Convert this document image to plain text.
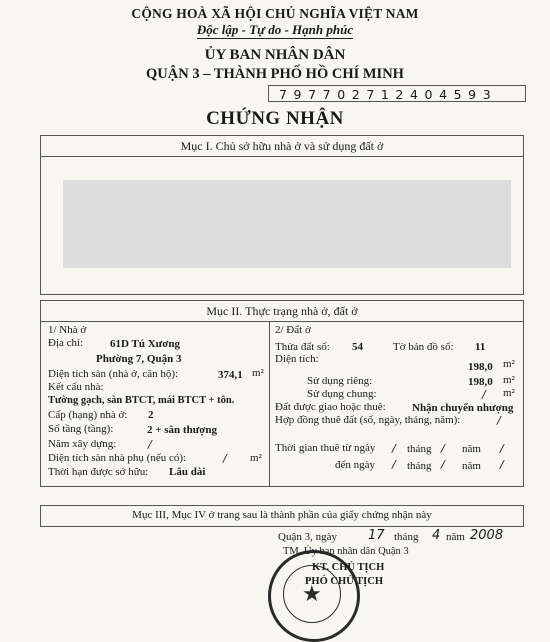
CỘNG HOÀ XÃ HỘI CHỦ NGHĨA VIỆT NAM
Độc lập - Tự do - Hạnh phúc
ỦY BAN NHÂN DÂN
QUẬN 3 – THÀNH PHỐ HỒ CHÍ MINH
797702712404593
CHỨNG NHẬN
Mục I. Chủ sở hữu nhà ở và sử dụng đất ở
Mục II. Thực trạng nhà ở, đất ở
1/ Nhà ở
Địa chỉ: 61D Tú Xương
Phường 7, Quận 3
Diện tích sàn (nhà ở, căn hộ):	374,1 m²
Kết cấu nhà:
Tường gạch, sàn BTCT, mái BTCT + tôn.
Cấp (hạng) nhà ở: 2
Số tầng (tầng):	2 + sân thượng
Năm xây dựng:	/
Diện tích sàn nhà phụ (nếu có):	/ m²
Thời hạn được sở hữu: Lâu dài
2/ Đất ở
Thửa đất số: 54	Tờ bản đồ số: 11
Diện tích:
198,0 m²
Sử dụng riêng:	198,0 m²
Sử dụng chung:	/ m²
Đất được giao hoặc thuê: Nhận chuyển nhượng
Hợp đồng thuê đất (số, ngày, tháng, năm):	/
Thời gian thuê từ ngày / tháng / năm /
đến ngày / tháng / năm /
Mục III, Mục IV ở trang sau là thành phần của giấy chứng nhận này
Quận 3, ngày 17 tháng 4 năm 2008
★
TM. Ủy ban nhân dân Quận 3
KT. CHỦ TỊCH
PHÓ CHỦ TỊCH
